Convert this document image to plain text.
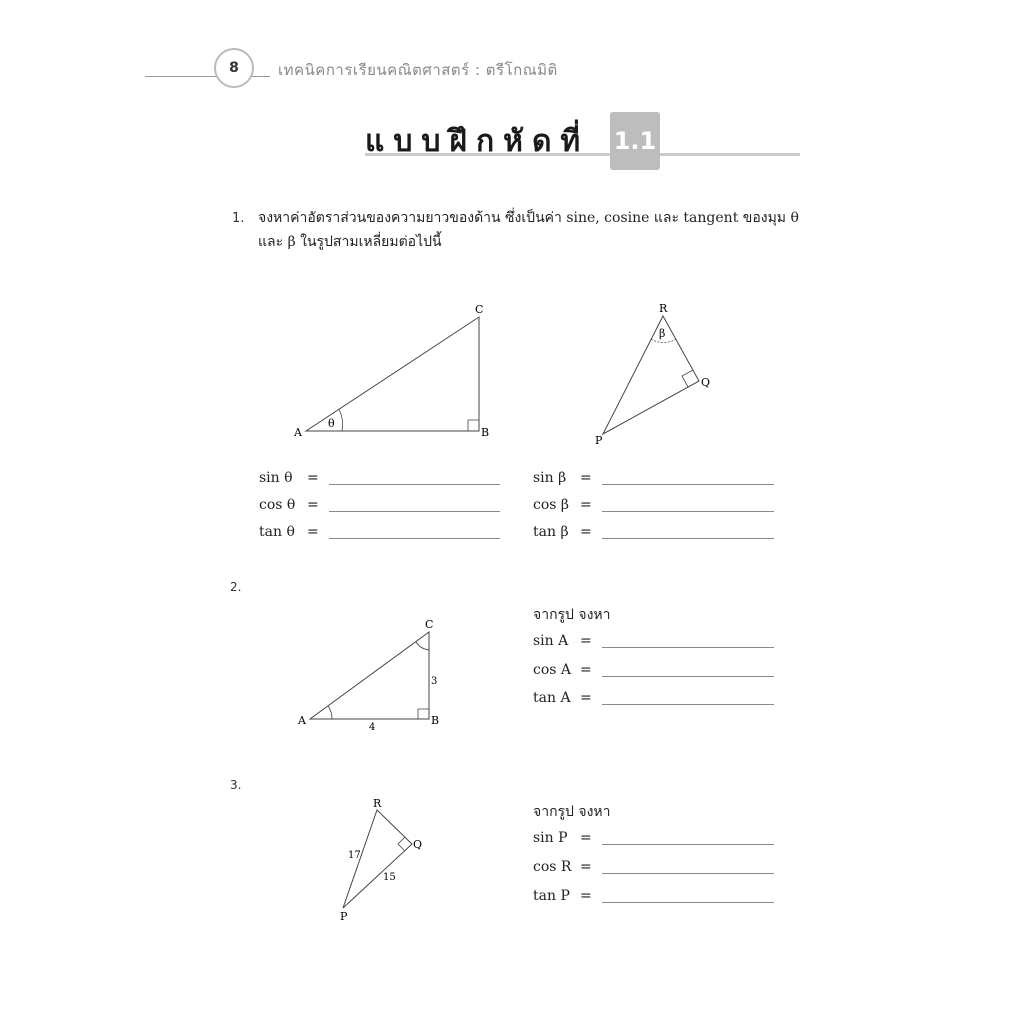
8	เทคนิคการเรียนคณิตศาสตร์ : ตรีโกณมิติ
แบบฝึกหัดที่ 1.1
1. จงหาค่าอัตราส่วนของความยาวของด้าน ซึ่งเป็นค่า sine, cosine และ tangent ของมุม θ
และ β ในรูปสามเหลี่ยมต่อไปนี้
A	B
C
θ
R
Q
P
β
sin θ =
cos θ =
tan θ =
sin β =
cos β =
tan β =
2.
A	B
C
3
4
จากรูป จงหา
sin A =
cos A =
tan A =
3.
R
Q
P
17
15
จากรูป จงหา
sin P =
cos R =
tan P =
